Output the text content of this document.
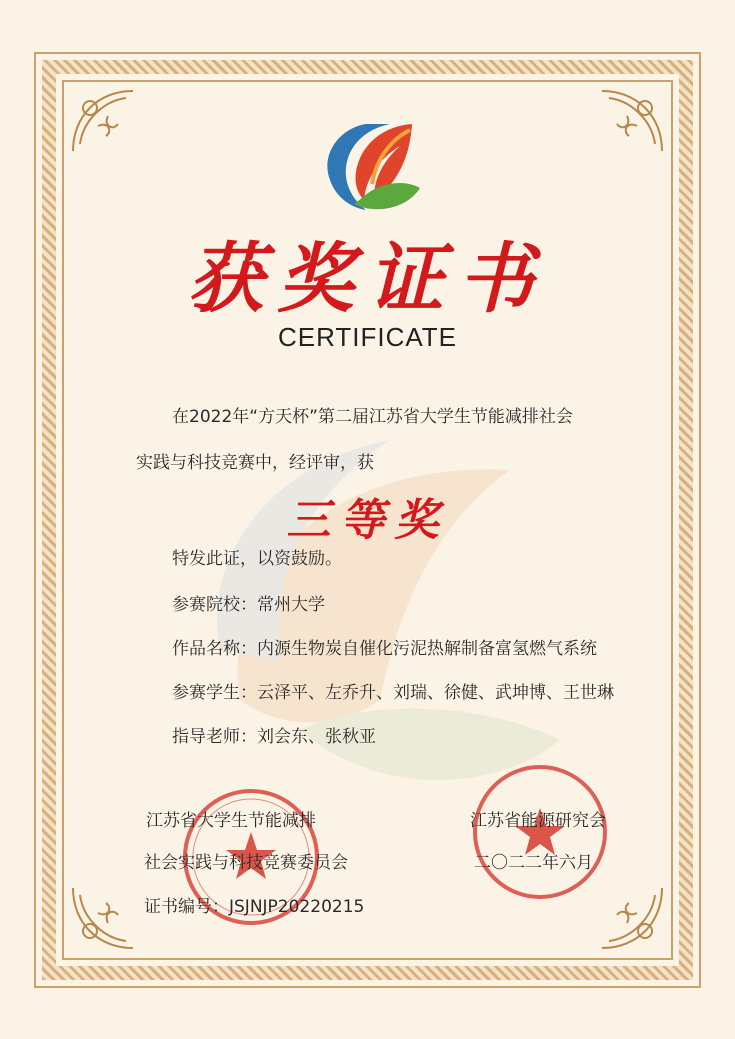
获奖证书
CERTIFICATE
在2022年“方天杯”第二届江苏省大学生节能减排社会
实践与科技竞赛中，经评审，获
三等奖
特发此证，以资鼓励。
参赛院校：常州大学
作品名称：内源生物炭自催化污泥热解制备富氢燃气系统
参赛学生：云泽平、左乔升、刘瑞、徐健、武坤博、王世琳
指导老师：刘会东、张秋亚
江苏省大学生节能减排
社会实践与科技竞赛委员会
证书编号：JSJNJP20220215
江苏省能源研究会
二〇二二年六月
